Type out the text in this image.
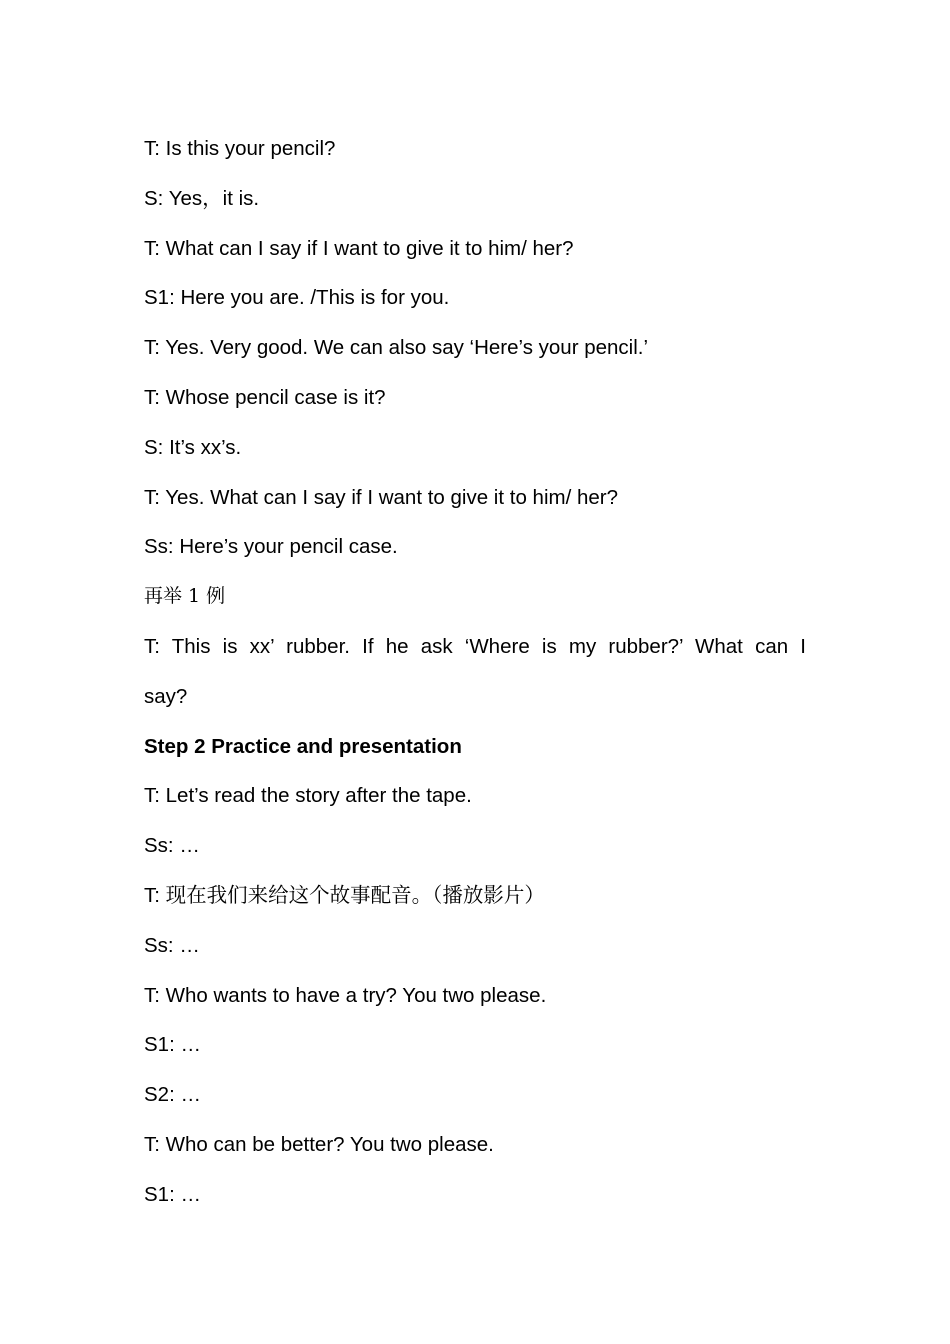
T: Is this your pencil?
S: Yes，it is.
T: What can I say if I want to give it to him/ her?
S1: Here you are. /This is for you.
T: Yes. Very good. We can also say ‘Here’s your pencil.’
T: Whose pencil case is it?
S: It’s xx’s.
T: Yes. What can I say if I want to give it to him/ her?
Ss: Here’s your pencil case.
再举 1 例
T: This is xx’ rubber. If he ask ‘Where is my rubber?’ What can I
say?
Step 2 Practice and presentation
T: Let’s read the story after the tape.
Ss: …
T: 现在我们来给这个故事配音。（播放影片）
Ss: …
T: Who wants to have a try? You two please.
S1: …
S2: …
T: Who can be better? You two please.
S1: …
